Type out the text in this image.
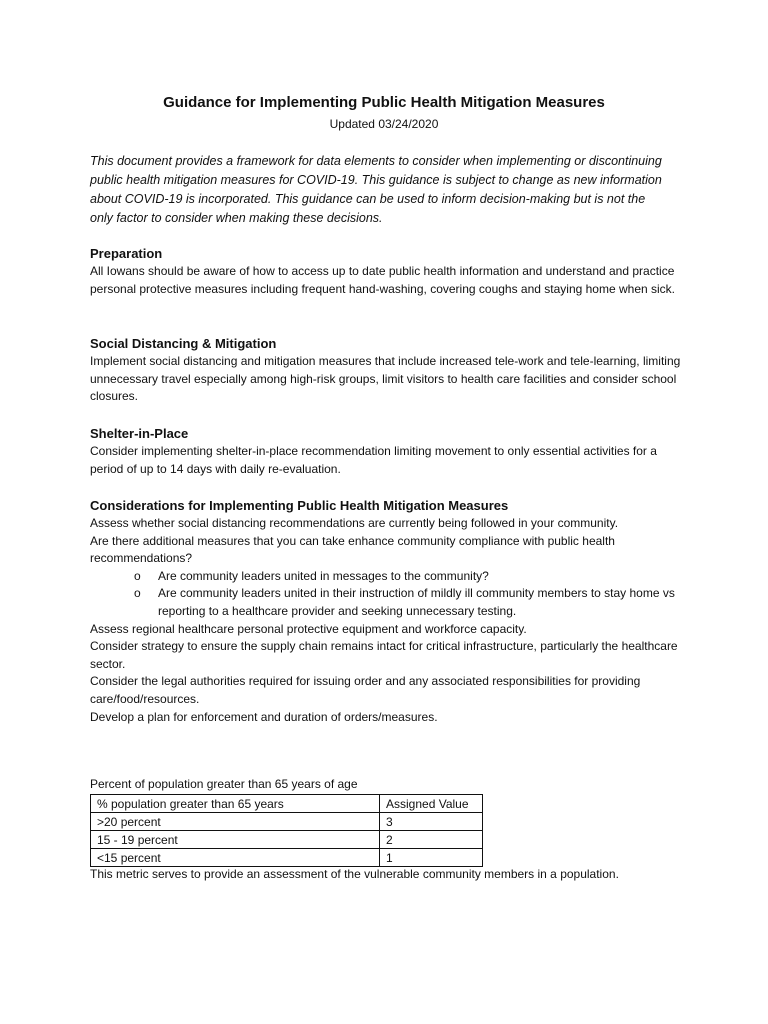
Guidance for Implementing Public Health Mitigation Measures
Updated 03/24/2020
This document provides a framework for data elements to consider when implementing or discontinuing public health mitigation measures for COVID-19. This guidance is subject to change as new information about COVID-19 is incorporated. This guidance can be used to inform decision-making but is not the only factor to consider when making these decisions.
Preparation
All Iowans should be aware of how to access up to date public health information and understand and practice personal protective measures including frequent hand-washing, covering coughs and staying home when sick.
Social Distancing & Mitigation
Implement social distancing and mitigation measures that include increased tele-work and tele-learning, limiting unnecessary travel especially among high-risk groups, limit visitors to health care facilities and consider school closures.
Shelter-in-Place
Consider implementing shelter-in-place recommendation limiting movement to only essential activities for a period of up to 14 days with daily re-evaluation.
Considerations for Implementing Public Health Mitigation Measures
Assess whether social distancing recommendations are currently being followed in your community.
Are there additional measures that you can take enhance community compliance with public health recommendations?
o Are community leaders united in messages to the community?
o Are community leaders united in their instruction of mildly ill community members to stay home vs reporting to a healthcare provider and seeking unnecessary testing.
Assess regional healthcare personal protective equipment and workforce capacity.
Consider strategy to ensure the supply chain remains intact for critical infrastructure, particularly the healthcare sector.
Consider the legal authorities required for issuing order and any associated responsibilities for providing care/food/resources.
Develop a plan for enforcement and duration of orders/measures.
Percent of population greater than 65 years of age
% population greater than 65 years	Assigned Value
>20 percent	3
15 - 19 percent	2
<15 percent	1
This metric serves to provide an assessment of the vulnerable community members in a population.
